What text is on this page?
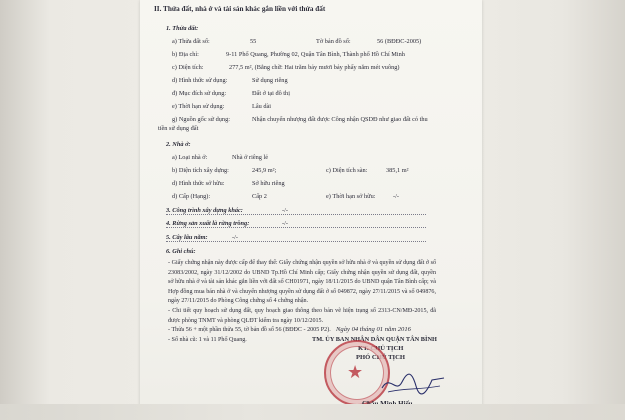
II. Thửa đất, nhà ở và tài sản khác gắn liền với thửa đất
1. Thửa đất:
a) Thửa đất số:	55	Tờ bản đồ số:	56 (BĐĐC-2005)
b) Địa chỉ:	9-11 Phổ Quang, Phường 02, Quận Tân Bình, Thành phố Hồ Chí Minh
c) Diện tích:	277,5 m², (Bằng chữ: Hai trăm bảy mươi bảy phẩy năm mét vuông)
d) Hình thức sử dụng:	Sử dụng riêng
đ) Mục đích sử dụng:	Đất ở tại đô thị
e) Thời hạn sử dụng:	Lâu dài
g) Nguồn gốc sử dụng:	Nhận chuyển nhượng đất được Công nhận QSDĐ như giao đất có thu
tiền sử dụng đất
2. Nhà ở:
a) Loại nhà ở:	Nhà ở riêng lẻ
b) Diện tích xây dựng:	245,9 m²;	c) Diện tích sàn:	385,1 m²
d) Hình thức sở hữu:	Sở hữu riêng
d) Cấp (Hạng):	Cấp 2	e) Thời hạn sở hữu:	-/-
3. Công trình xây dựng khác:	-/-
4. Rừng sản xuất là rừng trồng:	-/-
5. Cây lâu năm:	-/-
6. Ghi chú:
- Giấy chứng nhận này được cấp để thay thế: Giấy chứng nhận quyền sở hữu nhà ở và quyền sử dụng đất ở số 23083/2002, ngày 31/12/2002 do UBND Tp.Hồ Chí Minh cấp; Giấy chứng nhận quyền sử dụng đất, quyền sở hữu nhà ở và tài sản khác gắn liền với đất số CH01971, ngày 18/11/2015 do UBND quận Tân Bình cấp; và Hợp đồng mua bán nhà ở và chuyển nhượng quyền sử dụng đất ở số 049872, ngày 27/11/2015 và số 049876, ngày 27/11/2015 do Phòng Công chứng số 4 chứng nhận.
- Chi tiết quy hoạch sử dụng đất, quy hoạch giao thông theo bản vẽ hiện trạng số 2313-CN/MĐ-2015, đã được phòng TNMT và phòng QLĐT kiểm tra ngày 10/12/2015.
- Thửa 56 + một phần thửa 55, tờ bản đồ số 56 (BĐĐC - 2005 P2).
- Số nhà cũ: 1 và 11 Phổ Quang.
Ngày 04 tháng 01 năm 2016
TM. ỦY BAN NHÂN DÂN QUẬN TÂN BÌNH
KT. CHỦ TỊCH
PHÓ CHỦ TỊCH
★
